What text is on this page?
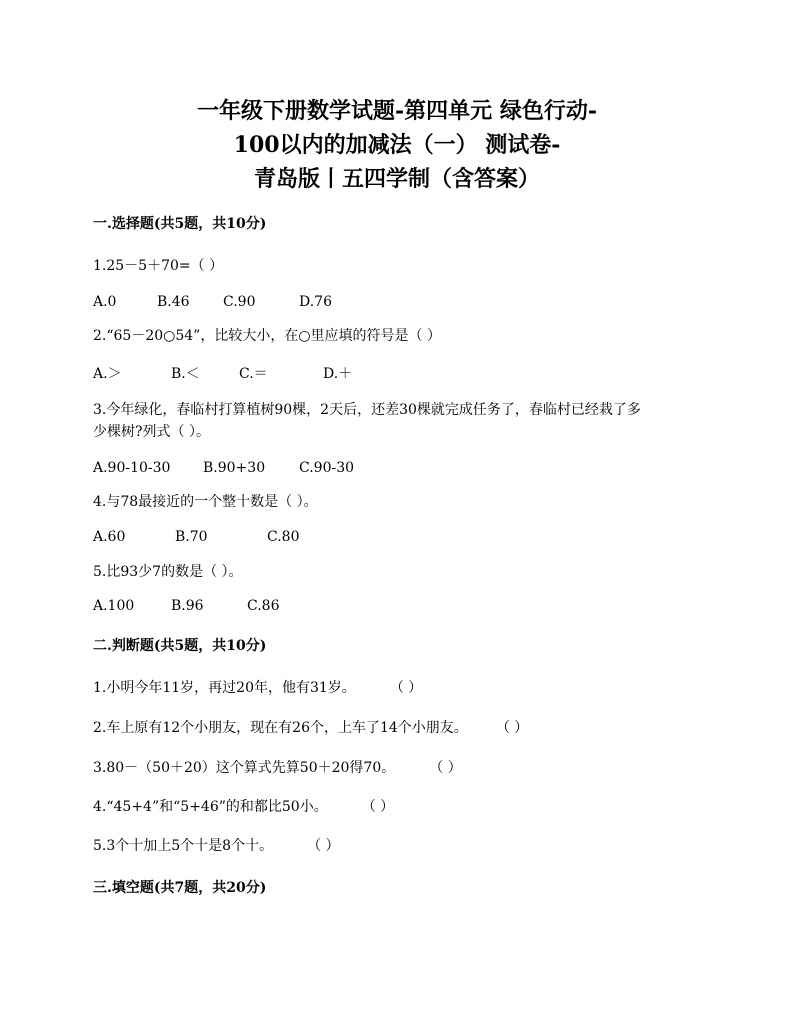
一年级下册数学试题-第四单元 绿色行动-
100以内的加减法（一） 测试卷-
青岛版丨五四学制（含答案）
一.选择题(共5题，共10分)
1.25－5＋70=（ ）
A.0	B.46 C.90	D.76
2.“65－20○54”，比较大小，在○里应填的符号是（ ）
A.＞	B.＜	C.＝	D.＋
3.今年绿化，春临村打算植树90棵，2天后，还差30棵就完成任务了，春临村已经栽了多
少棵树?列式（ ）。
A.90-10-30 B.90+30 C.90-30
4.与78最接近的一个整十数是（ ）。
A.60	B.70	C.80
5.比93少7的数是（ ）。
A.100	B.96	C.86
二.判断题(共5题，共10分)
1.小明今年11岁，再过20年，他有31岁。 （ ）
2.车上原有12个小朋友，现在有26个，上车了14个小朋友。 （ ）
3.80－（50＋20）这个算式先算50＋20得70。 （ ）
4.“45+4”和“5+46”的和都比50小。 （ ）
5.3个十加上5个十是8个十。 （ ）
三.填空题(共7题，共20分)
